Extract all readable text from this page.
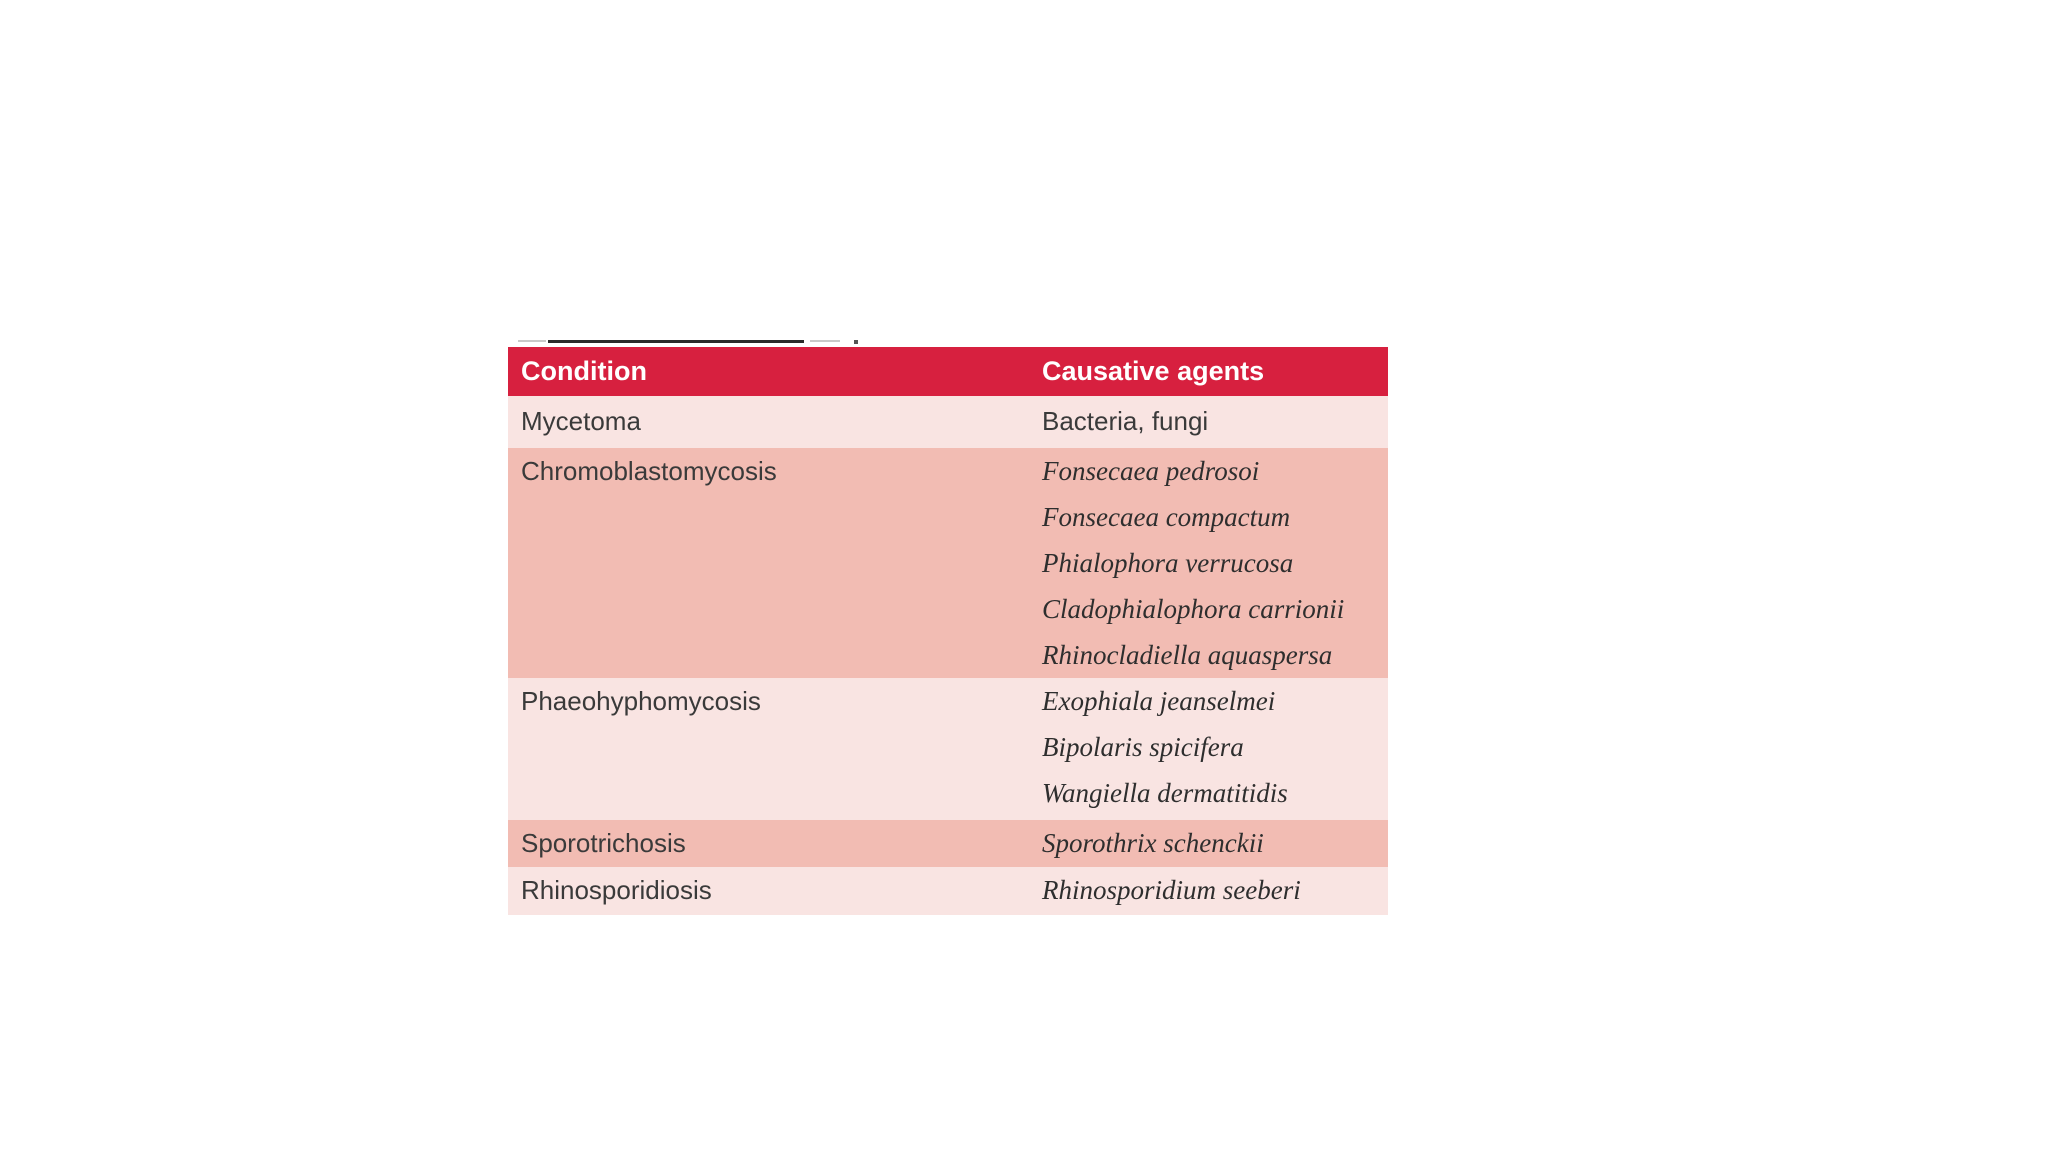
Condition	Causative agents
Mycetoma	Bacteria, fungi
Chromoblastomycosis	Fonsecaea pedrosoi
Fonsecaea compactum
Phialophora verrucosa
Cladophialophora carrionii
Rhinocladiella aquaspersa
Phaeohyphomycosis	Exophiala jeanselmei
Bipolaris spicifera
Wangiella dermatitidis
Sporotrichosis	Sporothrix schenckii
Rhinosporidiosis	Rhinosporidium seeberi
